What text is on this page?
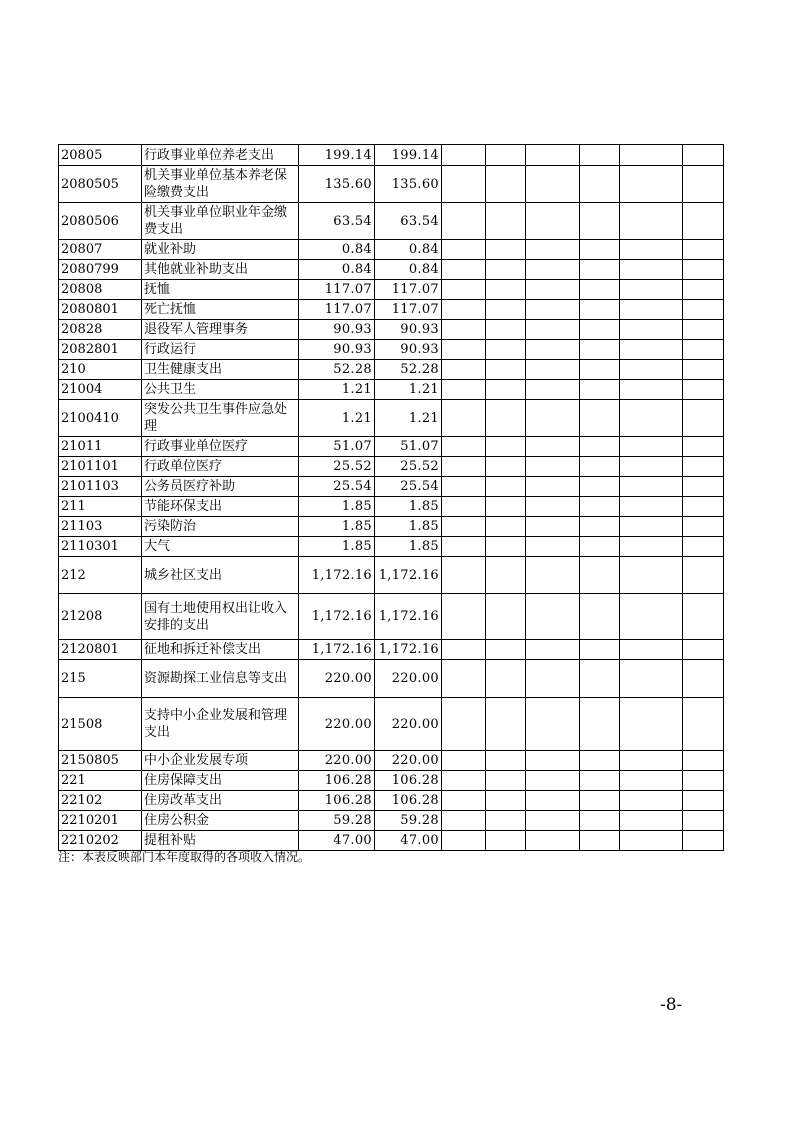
20805	行政事业单位养老支出	199.14	199.14						
2080505	机关事业单位基本养老保险缴费支出	135.60	135.60						
2080506	机关事业单位职业年金缴费支出	63.54	63.54						
20807	就业补助	0.84	0.84						
2080799	其他就业补助支出	0.84	0.84						
20808	抚恤	117.07	117.07						
2080801	死亡抚恤	117.07	117.07						
20828	退役军人管理事务	90.93	90.93						
2082801	行政运行	90.93	90.93						
210	卫生健康支出	52.28	52.28						
21004	公共卫生	1.21	1.21						
2100410	突发公共卫生事件应急处理	1.21	1.21						
21011	行政事业单位医疗	51.07	51.07						
2101101	行政单位医疗	25.52	25.52						
2101103	公务员医疗补助	25.54	25.54						
211	节能环保支出	1.85	1.85						
21103	污染防治	1.85	1.85						
2110301	大气	1.85	1.85						
212	城乡社区支出	1,172.16	1,172.16						
21208	国有土地使用权出让收入安排的支出	1,172.16	1,172.16						
2120801	征地和拆迁补偿支出	1,172.16	1,172.16						
215	资源勘探工业信息等支出	220.00	220.00						
21508	支持中小企业发展和管理支出	220.00	220.00						
2150805	中小企业发展专项	220.00	220.00						
221	住房保障支出	106.28	106.28						
22102	住房改革支出	106.28	106.28						
2210201	住房公积金	59.28	59.28						
2210202	提租补贴	47.00	47.00						
注：本表反映部门本年度取得的各项收入情况。
-8-
